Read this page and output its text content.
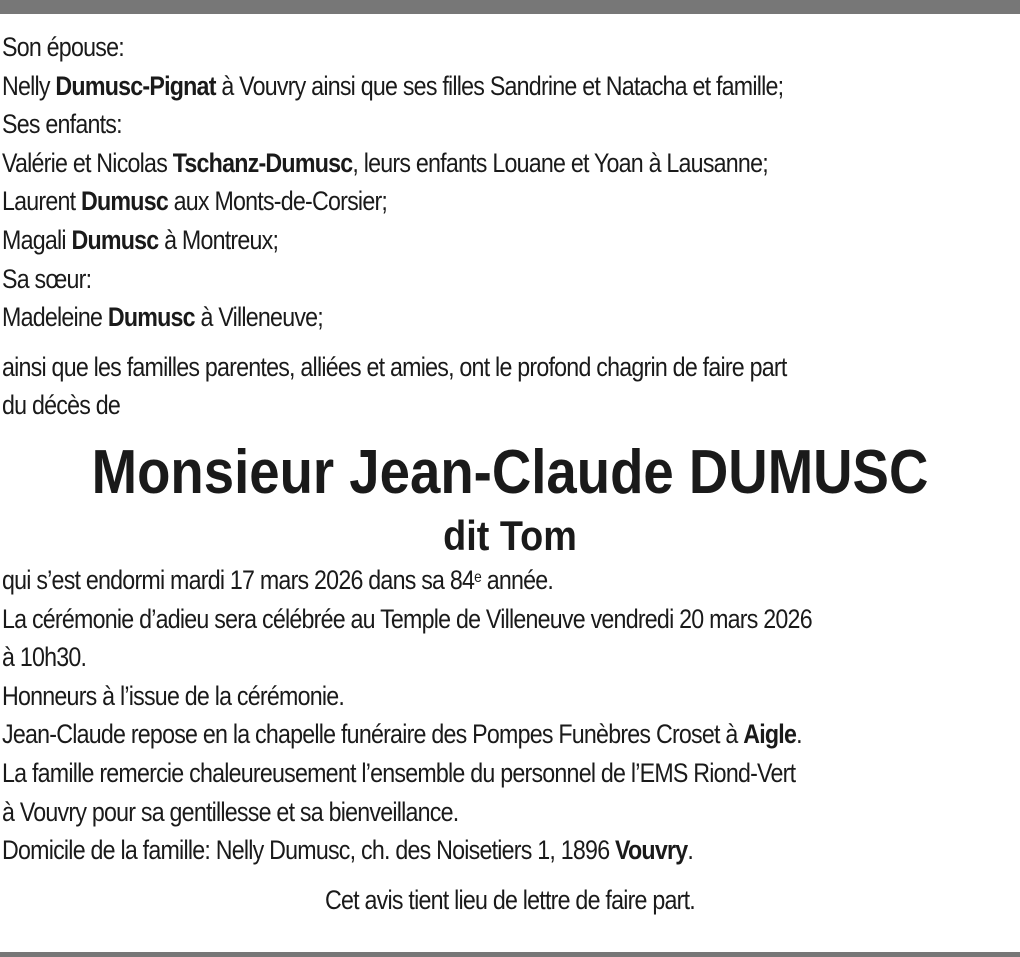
Son épouse:
Nelly Dumusc-Pignat à Vouvry ainsi que ses filles Sandrine et Natacha et famille;
Ses enfants:
Valérie et Nicolas Tschanz-Dumusc, leurs enfants Louane et Yoan à Lausanne;
Laurent Dumusc aux Monts-de-Corsier;
Magali Dumusc à Montreux;
Sa sœur:
Madeleine Dumusc à Villeneuve;
ainsi que les familles parentes, alliées et amies, ont le profond chagrin de faire part
du décès de
Monsieur Jean-Claude DUMUSC
dit Tom
qui s’est endormi mardi 17 mars 2026 dans sa 84e année.
La cérémonie d’adieu sera célébrée au Temple de Villeneuve vendredi 20 mars 2026
à 10h30.
Honneurs à l’issue de la cérémonie.
Jean-Claude repose en la chapelle funéraire des Pompes Funèbres Croset à Aigle.
La famille remercie chaleureusement l’ensemble du personnel de l’EMS Riond-Vert
à Vouvry pour sa gentillesse et sa bienveillance.
Domicile de la famille: Nelly Dumusc, ch. des Noisetiers 1, 1896 Vouvry.
Cet avis tient lieu de lettre de faire part.
